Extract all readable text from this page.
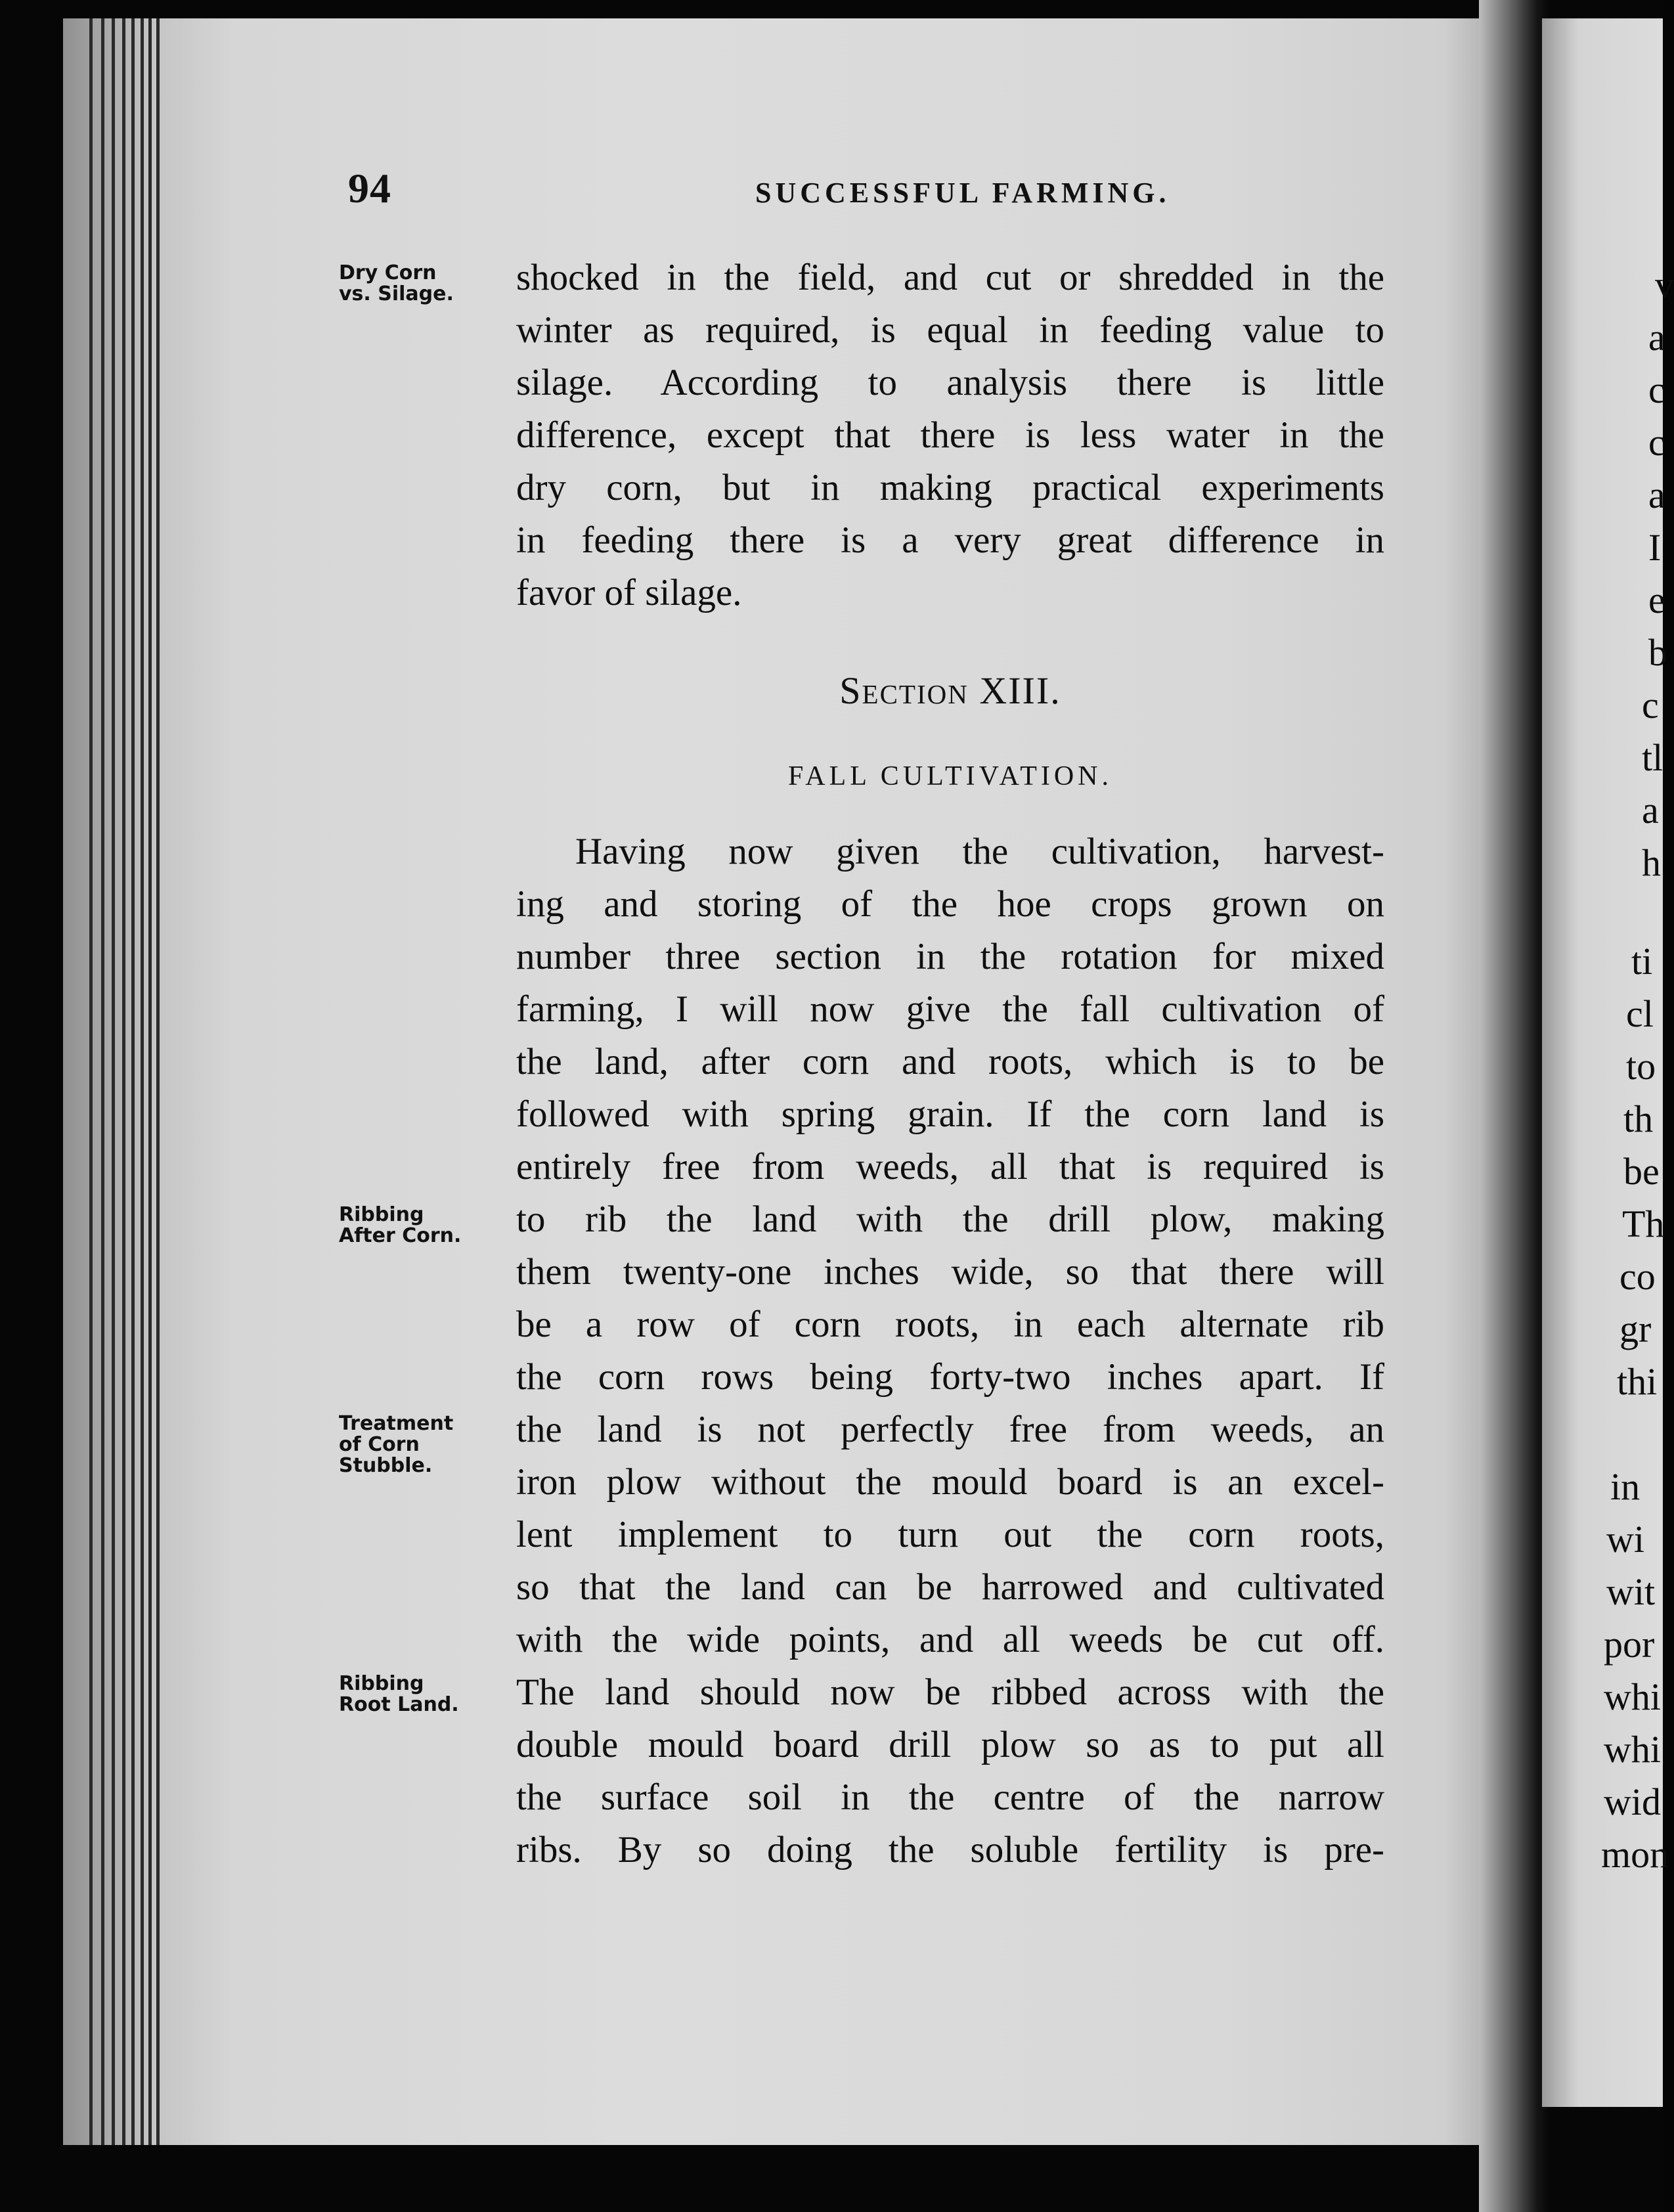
94	SUCCESSFUL FARMING.
Dry Corn
vs. Silage.
Ribbing
After Corn.
Treatment
of Corn
Stubble.
Ribbing
Root Land.
shocked in the field, and cut or shredded in the
winter as required, is equal in feeding value to
silage. According to analysis there is little
difference, except that there is less water in the
dry corn, but in making practical experiments
in feeding there is a very great difference in
favor of silage.
Section XIII.
FALL CULTIVATION.
Having now given the cultivation, harvest-
ing and storing of the hoe crops grown on
number three section in the rotation for mixed
farming, I will now give the fall cultivation of
the land, after corn and roots, which is to be
followed with spring grain. If the corn land is
entirely free from weeds, all that is required is
to rib the land with the drill plow, making
them twenty-one inches wide, so that there will
be a row of corn roots, in each alternate rib
the corn rows being forty-two inches apart. If
the land is not perfectly free from weeds, an
iron plow without the mould board is an excel-
lent implement to turn out the corn roots,
so that the land can be harrowed and cultivated
with the wide points, and all weeds be cut off.
The land should now be ribbed across with the
double mould board drill plow so as to put all
the surface soil in the centre of the narrow
ribs. By so doing the soluble fertility is pre-
v
a
c
c
a
I
e
b
c
tl
a
h
ti
cl
to
th
be
Th
co
gr
thi
in
wi
wit
por
whi
whi
wid
mon
